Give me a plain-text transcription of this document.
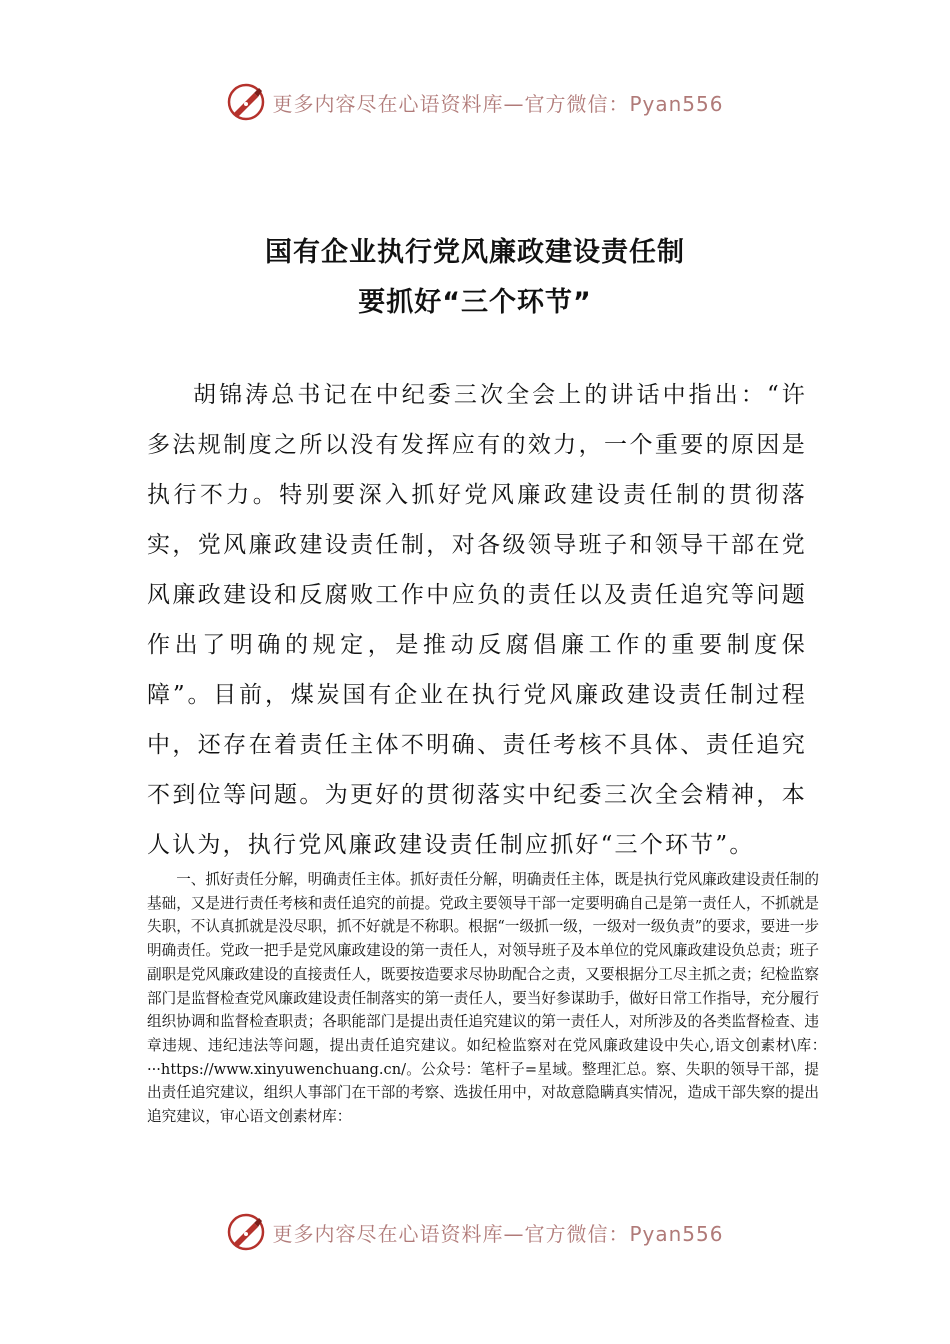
更多内容尽在心语资料库—官方微信：Pyan556
国有企业执行党风廉政建设责任制
要抓好“三个环节”

胡锦涛总书记在中纪委三次全会上的讲话中指出：“许多法规制度之所以没有发挥应有的效力，一个重要的原因是执行不力。特别要深入抓好党风廉政建设责任制的贯彻落实，党风廉政建设责任制，对各级领导班子和领导干部在党风廉政建设和反腐败工作中应负的责任以及责任追究等问题作出了明确的规定，是推动反腐倡廉工作的重要制度保障”。目前，煤炭国有企业在执行党风廉政建设责任制过程中，还存在着责任主体不明确、责任考核不具体、责任追究不到位等问题。为更好的贯彻落实中纪委三次全会精神，本人认为，执行党风廉政建设责任制应抓好“三个环节”。

一、抓好责任分解，明确责任主体。抓好责任分解，明确责任主体，既是执行党风廉政建设责任制的基础，又是进行责任考核和责任追究的前提。党政主要领导干部一定要明确自己是第一责任人，不抓就是失职，不认真抓就是没尽职，抓不好就是不称职。根据“一级抓一级，一级对一级负责”的要求，要进一步明确责任。党政一把手是党风廉政建设的第一责任人，对领导班子及本单位的党风廉政建设负总责；班子副职是党风廉政建设的直接责任人，既要按造要求尽协助配合之责，又要根据分工尽主抓之责；纪检监察部门是监督检查党风廉政建设责任制落实的第一责任人，要当好参谋助手，做好日常工作指导，充分履行组织协调和监督检查职责；各职能部门是提出责任追究建议的第一责任人，对所涉及的各类监督检查、违章违规、违纪违法等问题，提出责任追究建议。如纪检监察对在党风廉政建设中失心,语文创素材\库：···https://www.xinyuwenchuang.cn/。公众号：笔杆子=星域。整理汇总。察、失职的领导干部，提出责任追究建议，组织人事部门在干部的考察、选拔任用中，对故意隐瞒真实情况，造成干部失察的提出追究建议，审心语文创素材库：

更多内容尽在心语资料库—官方微信：Pyan556
